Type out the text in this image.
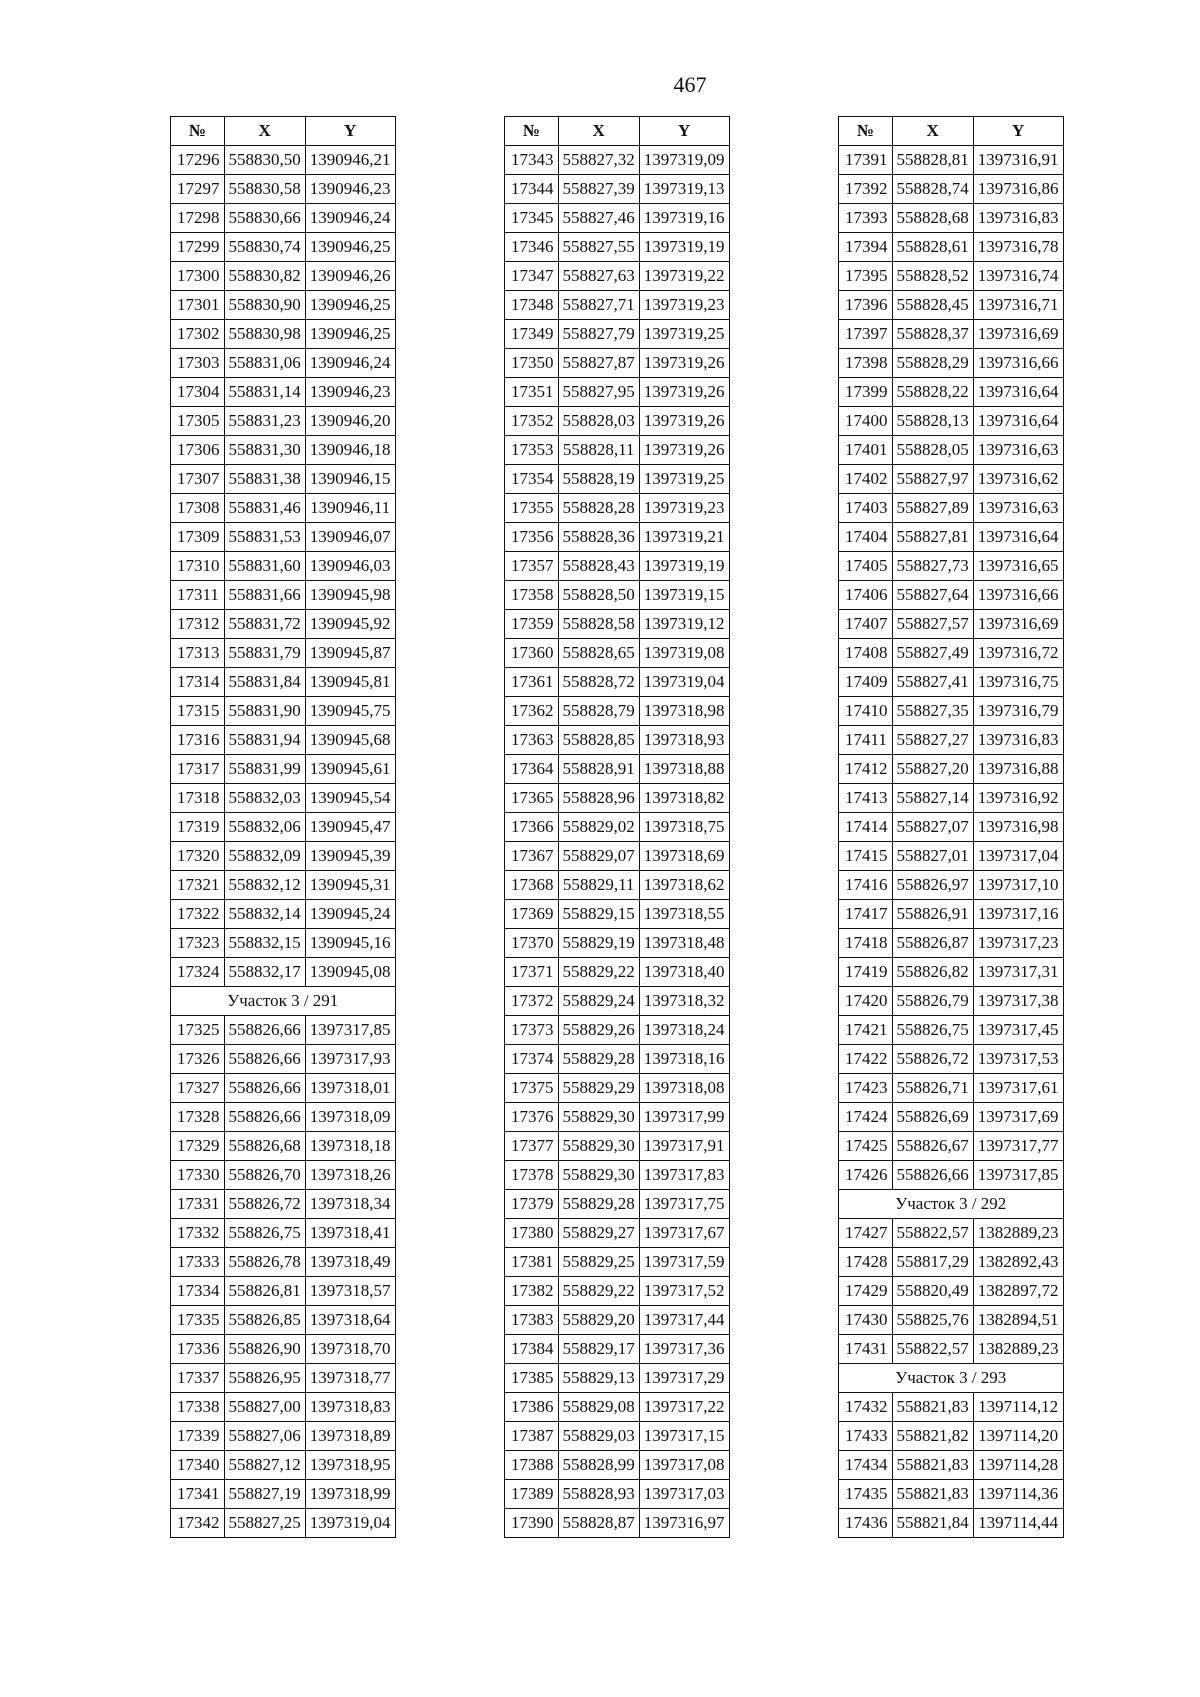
467
№	X	Y
17296	558830,50	1390946,21
17297	558830,58	1390946,23
17298	558830,66	1390946,24
17299	558830,74	1390946,25
17300	558830,82	1390946,26
17301	558830,90	1390946,25
17302	558830,98	1390946,25
17303	558831,06	1390946,24
17304	558831,14	1390946,23
17305	558831,23	1390946,20
17306	558831,30	1390946,18
17307	558831,38	1390946,15
17308	558831,46	1390946,11
17309	558831,53	1390946,07
17310	558831,60	1390946,03
17311	558831,66	1390945,98
17312	558831,72	1390945,92
17313	558831,79	1390945,87
17314	558831,84	1390945,81
17315	558831,90	1390945,75
17316	558831,94	1390945,68
17317	558831,99	1390945,61
17318	558832,03	1390945,54
17319	558832,06	1390945,47
17320	558832,09	1390945,39
17321	558832,12	1390945,31
17322	558832,14	1390945,24
17323	558832,15	1390945,16
17324	558832,17	1390945,08
Участок 3 / 291		
17325	558826,66	1397317,85
17326	558826,66	1397317,93
17327	558826,66	1397318,01
17328	558826,66	1397318,09
17329	558826,68	1397318,18
17330	558826,70	1397318,26
17331	558826,72	1397318,34
17332	558826,75	1397318,41
17333	558826,78	1397318,49
17334	558826,81	1397318,57
17335	558826,85	1397318,64
17336	558826,90	1397318,70
17337	558826,95	1397318,77
17338	558827,00	1397318,83
17339	558827,06	1397318,89
17340	558827,12	1397318,95
17341	558827,19	1397318,99
17342	558827,25	1397319,04
№	X	Y
17343	558827,32	1397319,09
17344	558827,39	1397319,13
17345	558827,46	1397319,16
17346	558827,55	1397319,19
17347	558827,63	1397319,22
17348	558827,71	1397319,23
17349	558827,79	1397319,25
17350	558827,87	1397319,26
17351	558827,95	1397319,26
17352	558828,03	1397319,26
17353	558828,11	1397319,26
17354	558828,19	1397319,25
17355	558828,28	1397319,23
17356	558828,36	1397319,21
17357	558828,43	1397319,19
17358	558828,50	1397319,15
17359	558828,58	1397319,12
17360	558828,65	1397319,08
17361	558828,72	1397319,04
17362	558828,79	1397318,98
17363	558828,85	1397318,93
17364	558828,91	1397318,88
17365	558828,96	1397318,82
17366	558829,02	1397318,75
17367	558829,07	1397318,69
17368	558829,11	1397318,62
17369	558829,15	1397318,55
17370	558829,19	1397318,48
17371	558829,22	1397318,40
17372	558829,24	1397318,32
17373	558829,26	1397318,24
17374	558829,28	1397318,16
17375	558829,29	1397318,08
17376	558829,30	1397317,99
17377	558829,30	1397317,91
17378	558829,30	1397317,83
17379	558829,28	1397317,75
17380	558829,27	1397317,67
17381	558829,25	1397317,59
17382	558829,22	1397317,52
17383	558829,20	1397317,44
17384	558829,17	1397317,36
17385	558829,13	1397317,29
17386	558829,08	1397317,22
17387	558829,03	1397317,15
17388	558828,99	1397317,08
17389	558828,93	1397317,03
17390	558828,87	1397316,97
№	X	Y
17391	558828,81	1397316,91
17392	558828,74	1397316,86
17393	558828,68	1397316,83
17394	558828,61	1397316,78
17395	558828,52	1397316,74
17396	558828,45	1397316,71
17397	558828,37	1397316,69
17398	558828,29	1397316,66
17399	558828,22	1397316,64
17400	558828,13	1397316,64
17401	558828,05	1397316,63
17402	558827,97	1397316,62
17403	558827,89	1397316,63
17404	558827,81	1397316,64
17405	558827,73	1397316,65
17406	558827,64	1397316,66
17407	558827,57	1397316,69
17408	558827,49	1397316,72
17409	558827,41	1397316,75
17410	558827,35	1397316,79
17411	558827,27	1397316,83
17412	558827,20	1397316,88
17413	558827,14	1397316,92
17414	558827,07	1397316,98
17415	558827,01	1397317,04
17416	558826,97	1397317,10
17417	558826,91	1397317,16
17418	558826,87	1397317,23
17419	558826,82	1397317,31
17420	558826,79	1397317,38
17421	558826,75	1397317,45
17422	558826,72	1397317,53
17423	558826,71	1397317,61
17424	558826,69	1397317,69
17425	558826,67	1397317,77
17426	558826,66	1397317,85
Участок 3 / 292		
17427	558822,57	1382889,23
17428	558817,29	1382892,43
17429	558820,49	1382897,72
17430	558825,76	1382894,51
17431	558822,57	1382889,23
Участок 3 / 293		
17432	558821,83	1397114,12
17433	558821,82	1397114,20
17434	558821,83	1397114,28
17435	558821,83	1397114,36
17436	558821,84	1397114,44
